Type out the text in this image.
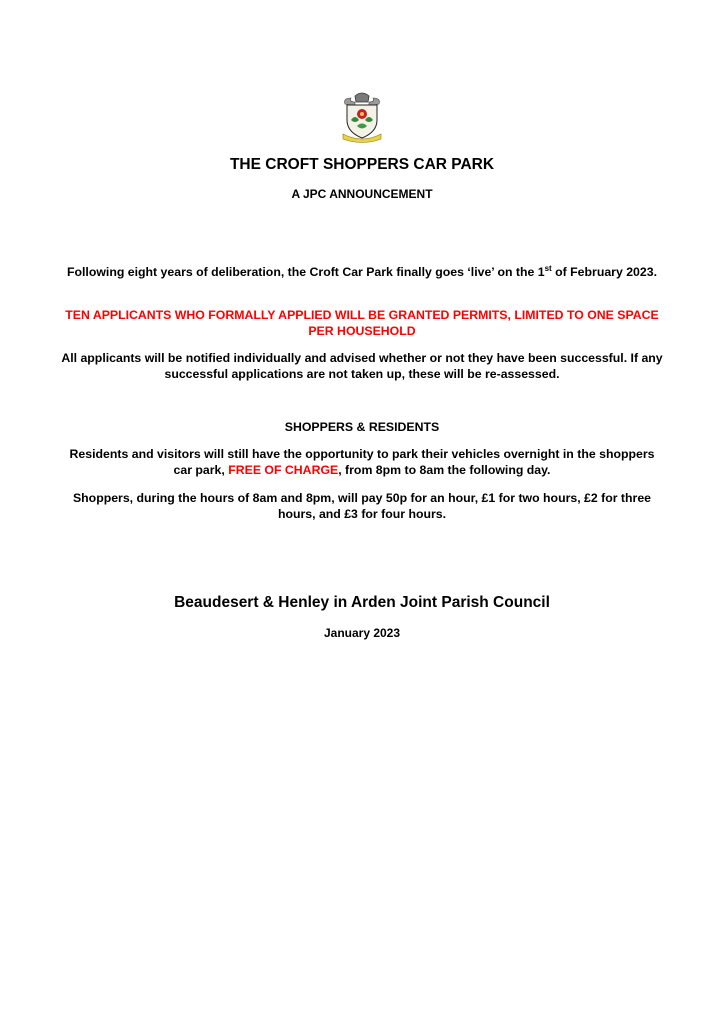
THE CROFT SHOPPERS CAR PARK
A JPC ANNOUNCEMENT
Following eight years of deliberation, the Croft Car Park finally goes ‘live’ on the 1st of February 2023.
TEN APPLICANTS WHO FORMALLY APPLIED WILL BE GRANTED PERMITS, LIMITED TO ONE SPACE PER HOUSEHOLD
All applicants will be notified individually and advised whether or not they have been successful. If any successful applications are not taken up, these will be re-assessed.
SHOPPERS & RESIDENTS
Residents and visitors will still have the opportunity to park their vehicles overnight in the shoppers car park, FREE OF CHARGE, from 8pm to 8am the following day.
Shoppers, during the hours of 8am and 8pm, will pay 50p for an hour, £1 for two hours, £2 for three hours, and £3 for four hours.
Beaudesert & Henley in Arden Joint Parish Council
January 2023
